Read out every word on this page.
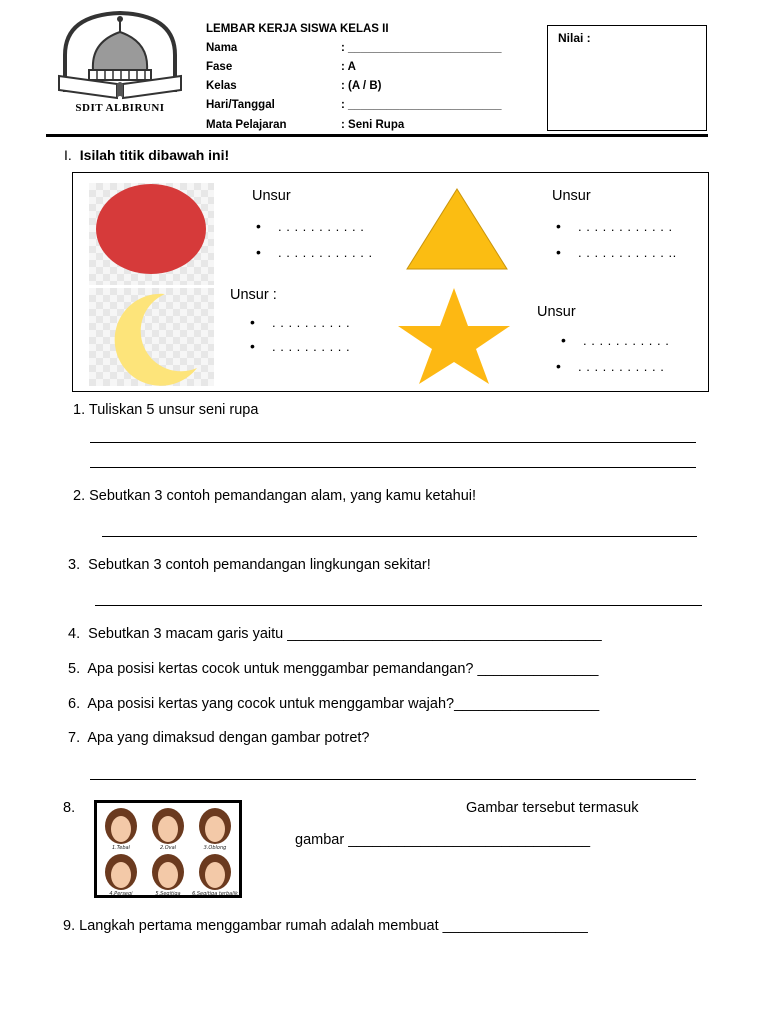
SDIT ALBIRUNI
LEMBAR KERJA SISWA KELAS II
Nama	: ________________________
Fase	: A
Kelas	: (A / B)
Hari/Tanggal	: ________________________
Mata Pelajaran	: Seni Rupa
Nilai :
I. Isilah titik dibawah ini!
Unsur
• . . . . . . . . . . .
• . . . . . . . . . . . .
Unsur
• . . . . . . . . . . . .
• . . . . . . . . . . . ..
Unsur :
• . . . . . . . . . .
• . . . . . . . . . .
Unsur
• . . . . . . . . . . .
• . . . . . . . . . . .
1. Tuliskan 5 unsur seni rupa
2. Sebutkan 3 contoh pemandangan alam, yang kamu ketahui!
3. Sebutkan 3 contoh pemandangan lingkungan sekitar!
4. Sebutkan 3 macam garis yaitu _______________________________________
5. Apa posisi kertas cocok untuk menggambar pemandangan? _______________
6. Apa posisi kertas yang cocok untuk menggambar wajah?__________________
7. Apa yang dimaksud dengan gambar potret?
8.	Gambar tersebut termasuk
gambar ______________________________
1.Tebal	2.Oval	3.Oblong
4.Persegi	5.Segitiga 6.Segitiga terbalik
9. Langkah pertama menggambar rumah adalah membuat __________________
